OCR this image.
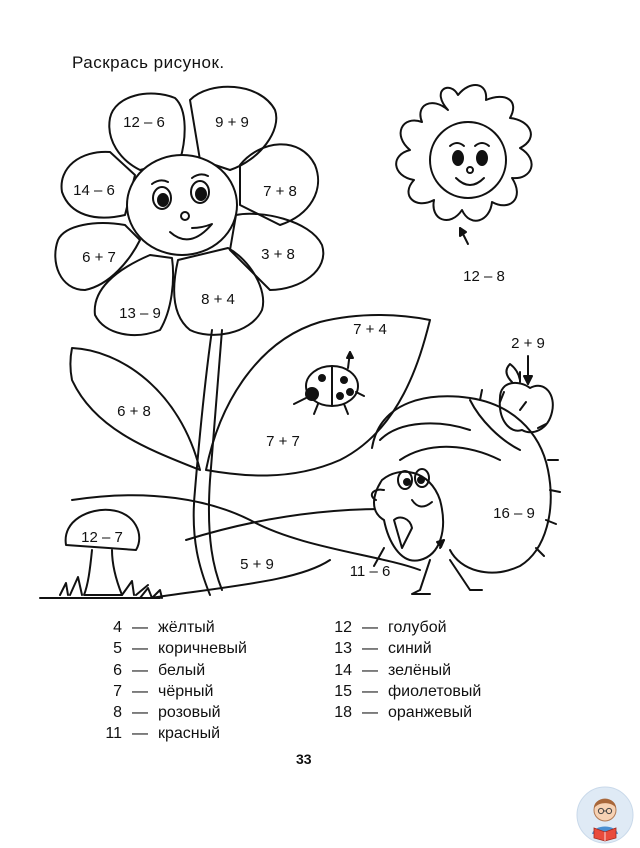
Раскрась рисунок.
12 – 6	9 + 9
7 + 8
3 + 8
8 + 4
13 – 9
6 + 7
14 – 6
12 – 8
7 + 4
6 + 8
7 + 7
2 + 9
16 – 9
11 – 6
12 – 7
5 + 9
4 — жёлтый
5 — коричневый
6 — белый
7 — чёрный
8 — розовый
11 — красный
12 — голубой
13 — синий
14 — зелёный
15 — фиолетовый
18 — оранжевый
33
